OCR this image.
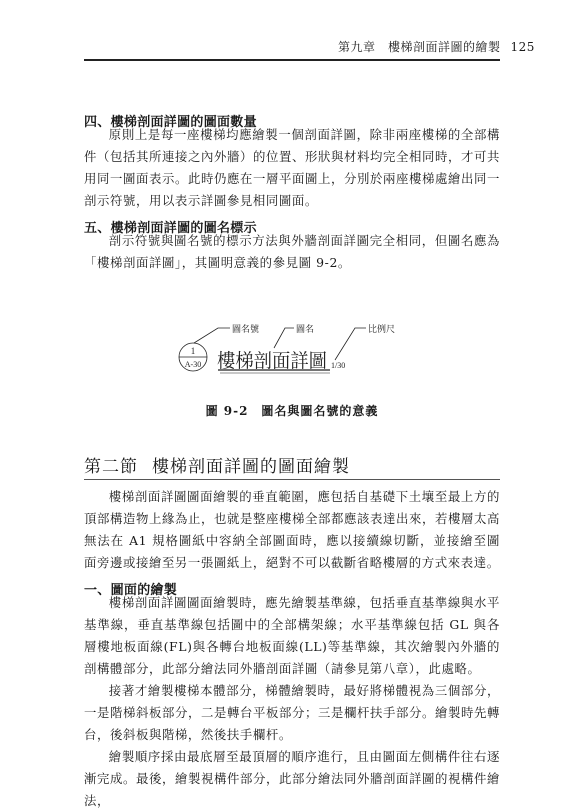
第九章　樓梯剖面詳圖的繪製 125
四、樓梯剖面詳圖的圖面數量

原則上是每一座樓梯均應繪製一個剖面詳圖，除非兩座樓梯的全部構件（包括其所連接之內外牆）的位置、形狀與材料均完全相同時，才可共用同一圖面表示。此時仍應在一層平面圖上，分別於兩座樓梯處繪出同一剖示符號，用以表示詳圖參見相同圖面。

五、樓梯剖面詳圖的圖名標示

剖示符號與圖名號的標示方法與外牆剖面詳圖完全相同，但圖名應為「樓梯剖面詳圖」，其圖明意義的參見圖 9-2。

圖名號	圖名	比例尺
1
A-30 樓梯剖面詳圖 1/30
圖 9-2　圖名與圖名號的意義
第二節 樓梯剖面詳圖的圖面繪製

樓梯剖面詳圖圖面繪製的垂直範圍，應包括自基礎下土壤至最上方的頂部構造物上緣為止，也就是整座樓梯全部都應該表達出來，若樓層太高無法在 A1 規格圖紙中容納全部圖面時，應以接續線切斷，並接繪至圖面旁邊或接繪至另一張圖紙上，絕對不可以截斷省略樓層的方式來表達。

一、圖面的繪製

樓梯剖面詳圖圖面繪製時，應先繪製基準線，包括垂直基準線與水平基準線，垂直基準線包括圖中的全部構架線；水平基準線包括 GL 與各層樓地板面線(FL)與各轉台地板面線(LL)等基準線，其次繪製內外牆的剖構體部分，此部分繪法同外牆剖面詳圖（請參見第八章），此處略。

接著才繪製樓梯本體部分，梯體繪製時，最好將梯體視為三個部分，一是階梯斜板部分，二是轉台平板部分；三是欄杆扶手部分。繪製時先轉台，後斜板與階梯，然後扶手欄杆。

繪製順序採由最底層至最頂層的順序進行，且由圖面左側構件往右逐漸完成。最後，繪製視構件部分，此部分繪法同外牆剖面詳圖的視構件繪法，
